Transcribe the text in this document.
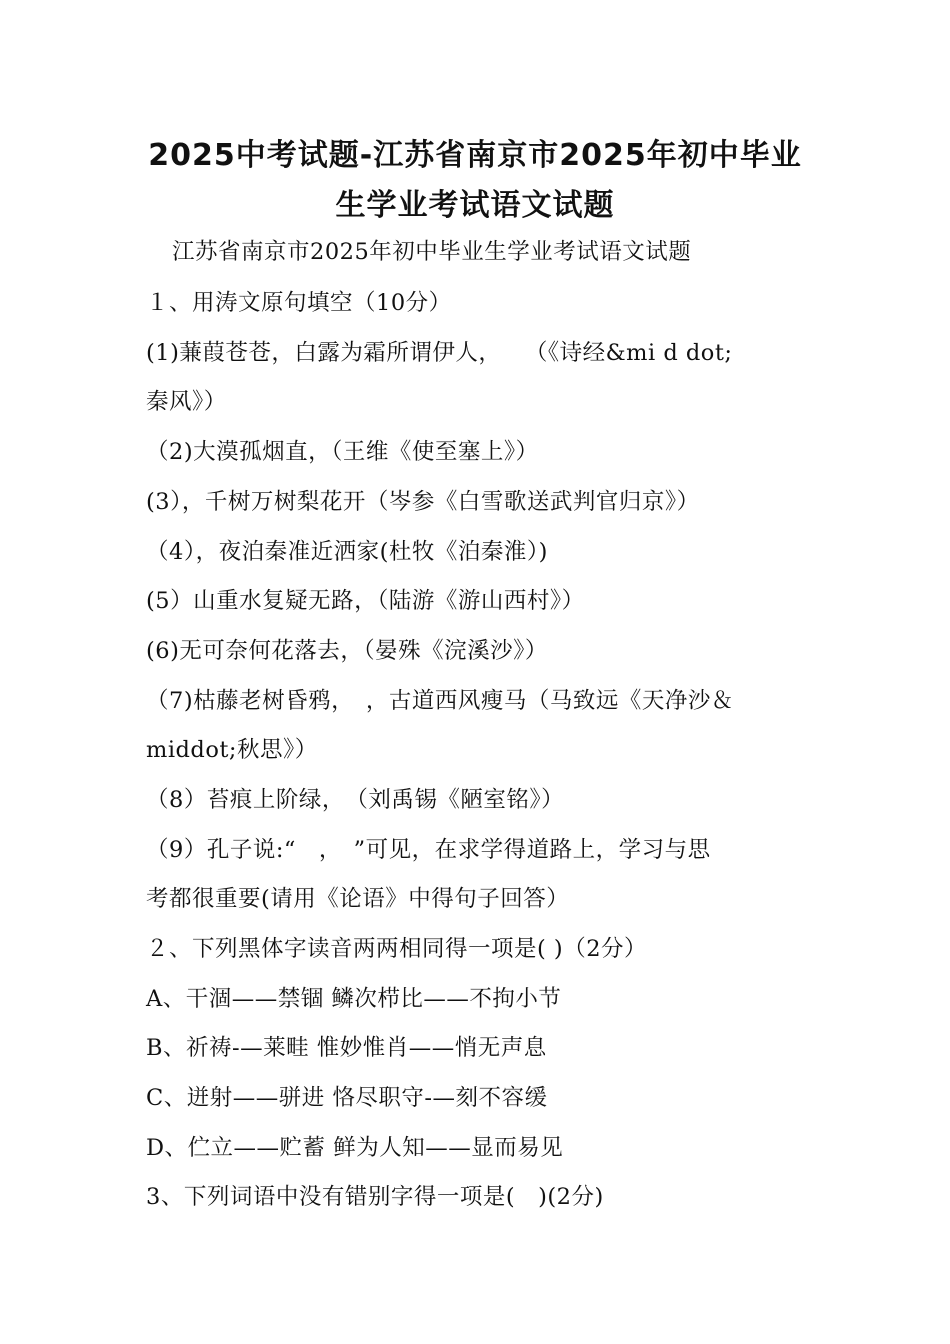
2025中考试题-江苏省南京市2025年初中毕业
生学业考试语文试题
江苏省南京市2025年初中毕业生学业考试语文试题
１、用涛文原句填空（10分）
(1)蒹葭苍苍，白露为霜所谓伊人，　　（《诗经&mi d dot;
秦风》）
（2)大漠孤烟直，（王维《使至塞上》）
(3），千树万树梨花开（岑参《白雪歌送武判官归京》）
（4），夜泊秦准近洒家(杜牧《泊秦淮）)
(5）山重水复疑无路，（陆游《游山西村》）
(6)无可奈何花落去，（晏殊《浣溪沙》）
（7)枯藤老树昏鸦，　，古道西风瘦马（马致远《天净沙＆
middot;秋思》）
（8）苔痕上阶绿，　（刘禹锡《陋室铭》）
（9）孔子说:“　，　”可见，在求学得道路上，学习与思
考都很重要(请用《论语》中得句子回答）
２、下列黑体字读音两两相同得一项是( )（2分）
A、干涸——禁锢 鳞次栉比——不拘小节
B、祈祷-—莱畦 惟妙惟肖——悄无声息
C、迸射——骈进 恪尽职守-—刻不容缓
D、伫立——贮蓄 鲜为人知——显而易见
3、下列词语中没有错别字得一项是(　)(2分)
